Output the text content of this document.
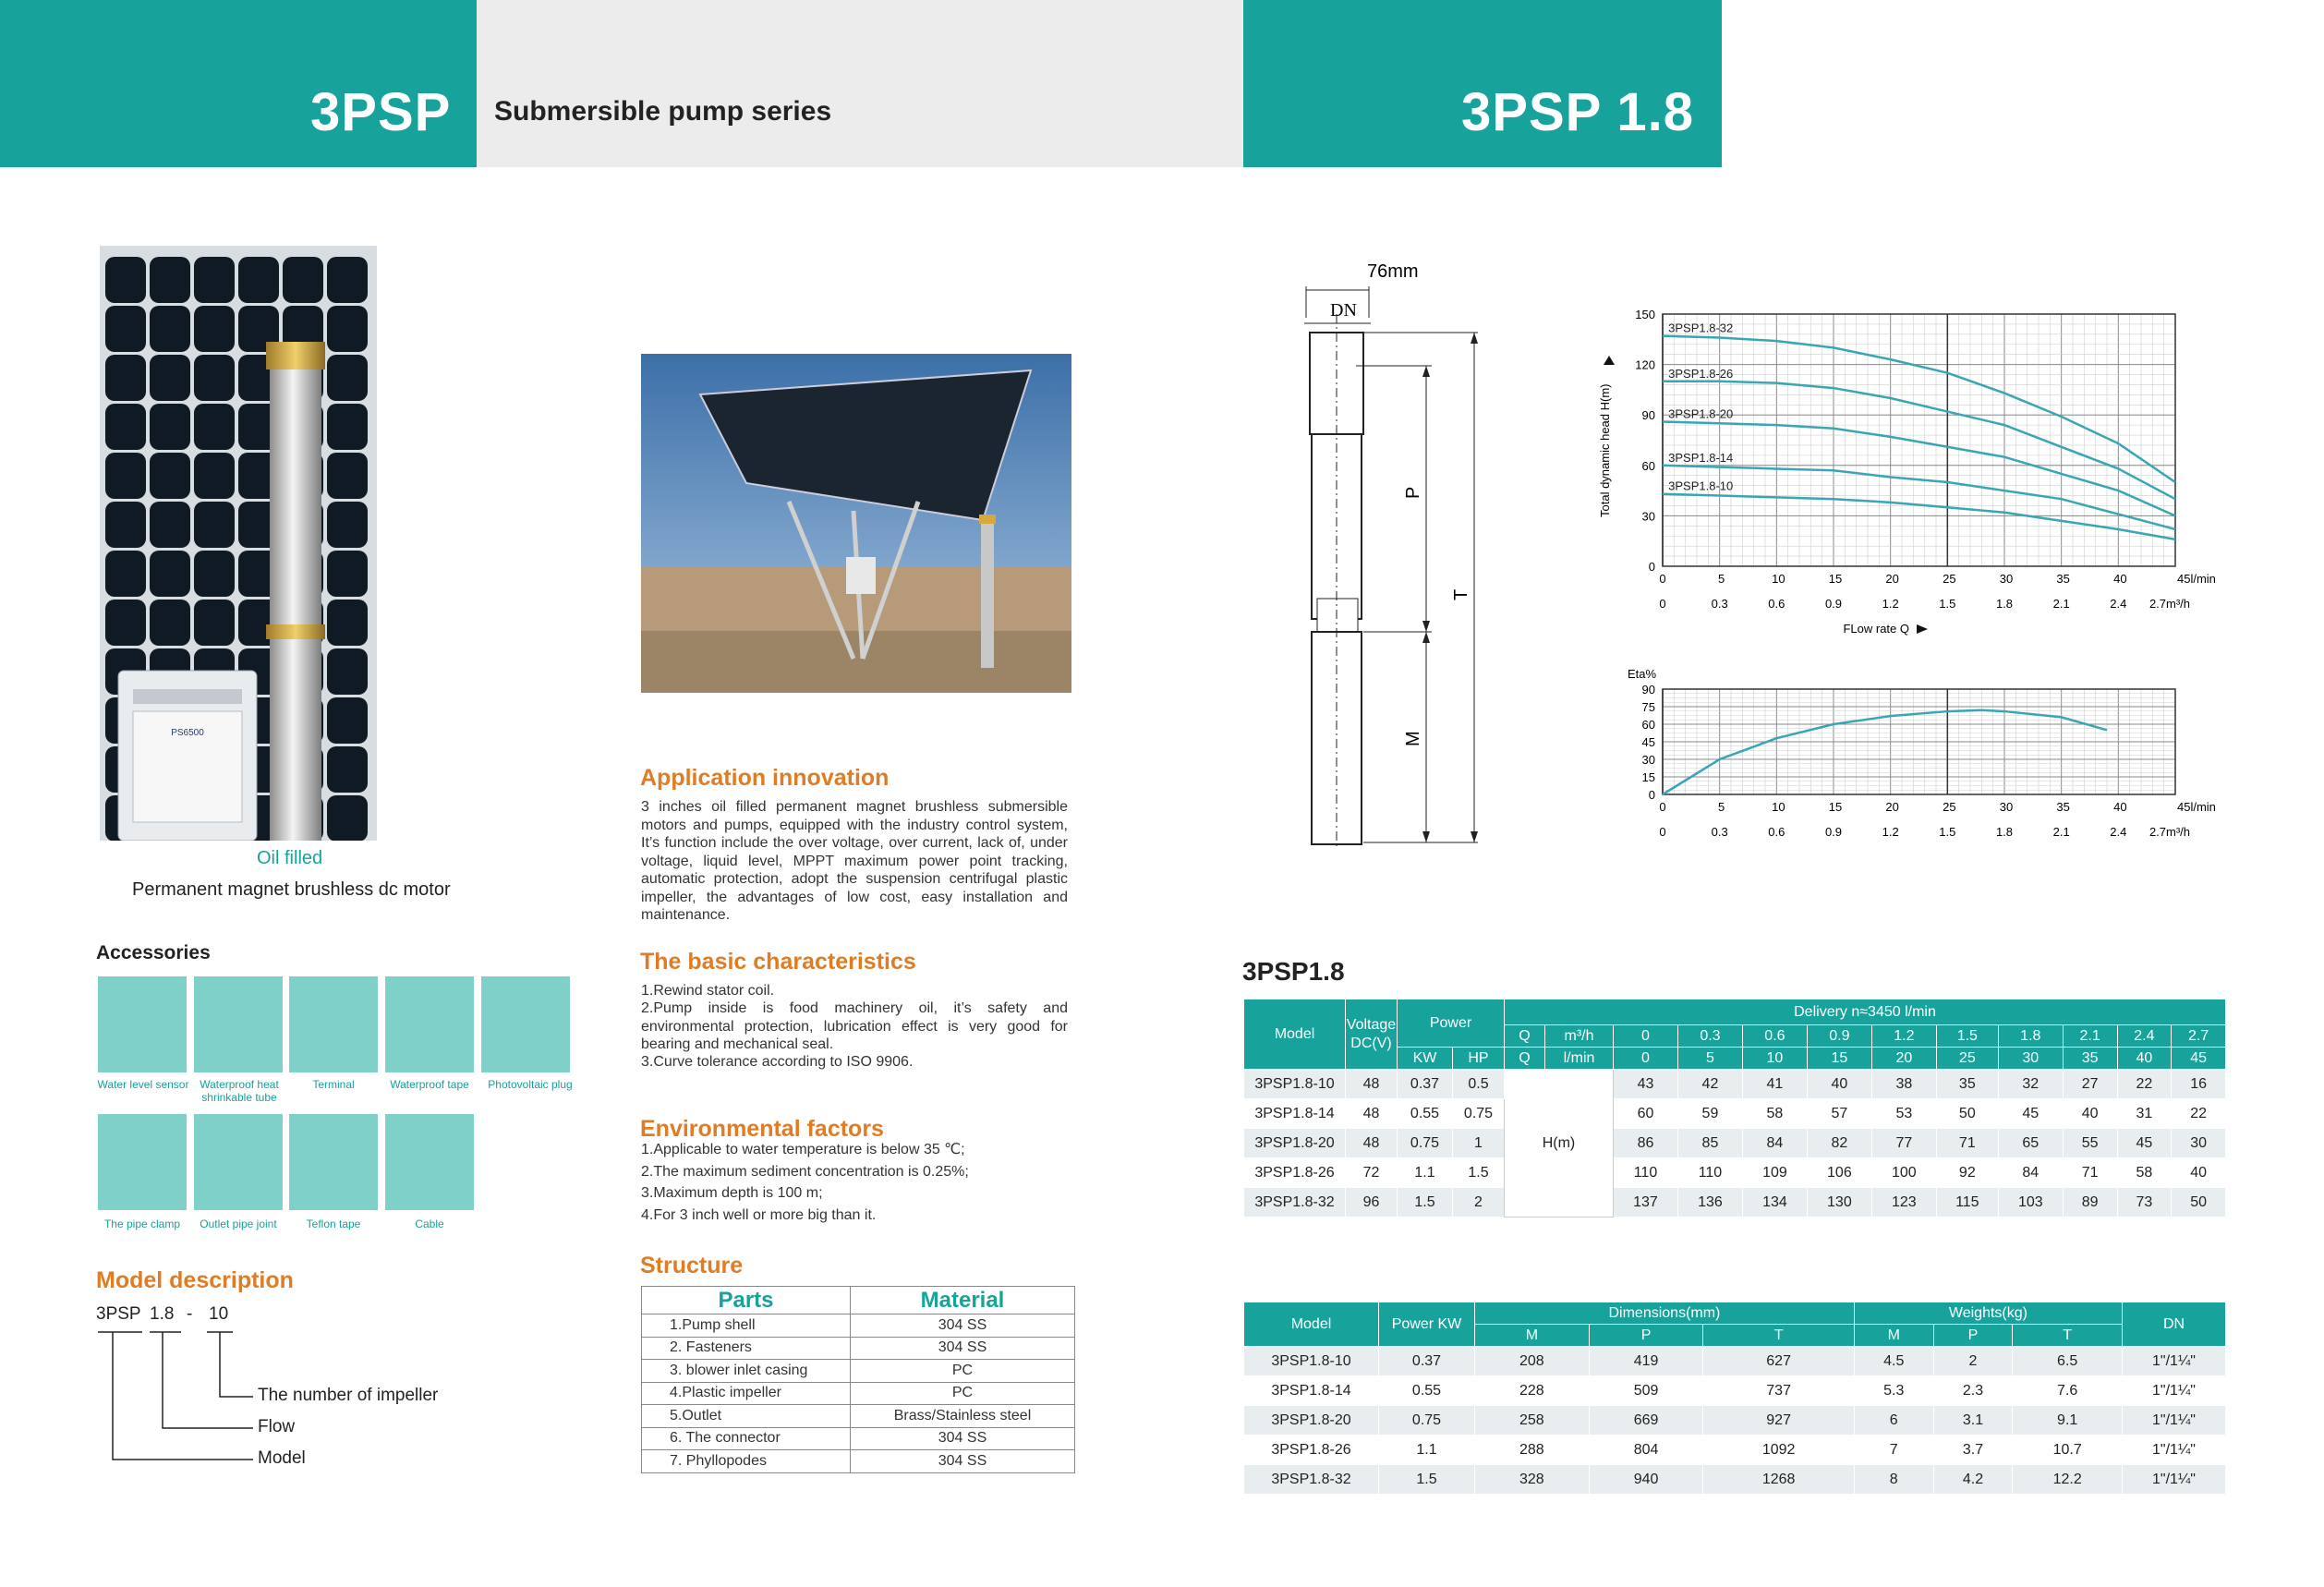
3PSP Submersible pump series	3PSP 1.8
PS6500
Oil filled
Permanent magnet brushless dc motor
Accessories
Water level sensor Waterproof heat shrinkable tube
Terminal	Waterproof tape	Photovoltaic plug
The pipe clamp	Outlet pipe joint	Teflon tape	Cable
Model description
3PSP 1.8 - 10
The number of impeller
Flow
Model
Application innovation
3 inches oil filled permanent magnet brushless submersible motors and pumps, equipped with the industry control system, It’s function include the over voltage, over current, lack of, under voltage, liquid level, MPPT maximum power point tracking, automatic protection, adopt the suspension centrifugal plastic impeller, the advantages of low cost, easy installation and maintenance.
The basic characteristics
1.Rewind stator coil.
2.Pump inside is food machinery oil, it’s safety and environmental protection, lubrication effect is very good for bearing and mechanical seal.
3.Curve tolerance according to ISO 9906.
Environmental factors
1.Applicable to water temperature is below 35 ℃;
2.The maximum sediment concentration is 0.25%;
3.Maximum depth is 100 m;
4.For 3 inch well or more big than it.
Structure
Parts	Material
1.Pump shell	304 SS
2. Fasteners	304 SS
3. blower inlet casing	PC
4.Plastic impeller	PC
5.Outlet	Brass/Stainless steel
6. The connector	304 SS
7. Phyllopodes	304 SS
76mm
DN
P
T
M
0
30
60
90
120
150
0	5	10	15	20	25	30	35	40	45l/min
0	0.3	0.6	0.9	1.2	1.5	1.8	2.1	2.4 2.7m³/h
3PSP1.8-32
3PSP1.8-26
3PSP1.8-20
3PSP1.8-14
3PSP1.8-10
Total dynamic head H(m)
FLow rate Q
0
15
30
45
60
75
90
0	5	10	15	20	25	30	35	40	45l/min
0	0.3	0.6	0.9	1.2	1.5	1.8	2.1	2.4 2.7m³/h
Eta%
3PSP1.8
Model	Voltage DC(V)	Power		Delivery n≈3450 l/min											
				Q	m³/h	0	0.3	0.6	0.9	1.2	1.5	1.8	2.1	2.4	2.7
		KW	HP	Q	l/min	0	5	10	15	20	25	30	35	40	45
3PSP1.8-10	48	0.37	0.5	H(m)		43	42	41	40	38	35	32	27	22	16
3PSP1.8-14	48	0.55	0.75			60	59	58	57	53	50	45	40	31	22
3PSP1.8-20	48	0.75	1			86	85	84	82	77	71	65	55	45	30
3PSP1.8-26	72	1.1	1.5			110	110	109	106	100	92	84	71	58	40
3PSP1.8-32	96	1.5	2			137	136	134	130	123	115	103	89	73	50
Model	Power KW	Dimensions(mm)			Weights(kg)			DN
		M	P	T	M	P	T	
3PSP1.8-10	0.37	208	419	627	4.5	2	6.5	1"/1¼"
3PSP1.8-14	0.55	228	509	737	5.3	2.3	7.6	1"/1¼"
3PSP1.8-20	0.75	258	669	927	6	3.1	9.1	1"/1¼"
3PSP1.8-26	1.1	288	804	1092	7	3.7	10.7	1"/1¼"
3PSP1.8-32	1.5	328	940	1268	8	4.2	12.2	1"/1¼"
